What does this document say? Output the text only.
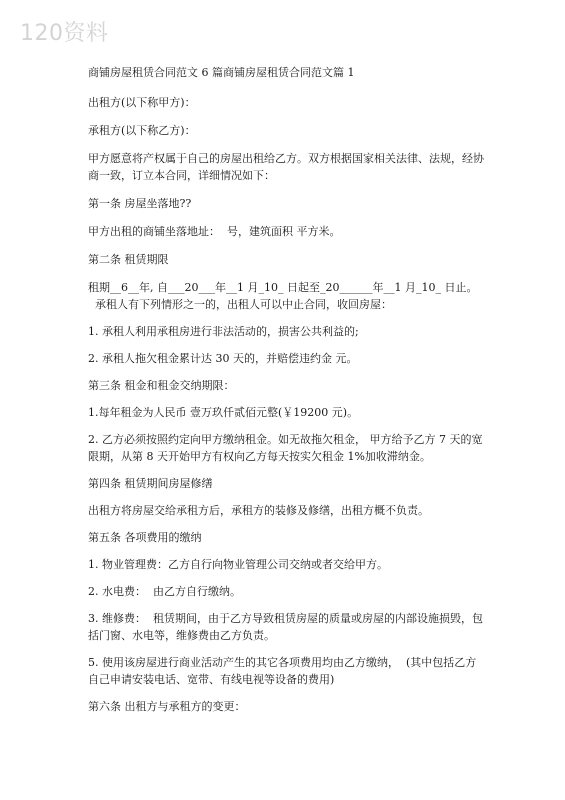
120资料

商铺房屋租赁合同范文 6 篇商铺房屋租赁合同范文篇 1

出租方(以下称甲方)：

承租方(以下称乙方)：

甲方愿意将产权属于自己的房屋出租给乙方。双方根据国家相关法律、法规，经协商一致，订立本合同，详细情况如下：

第一条 房屋坐落地??

甲方出租的商铺坐落地址：  号，建筑面积 平方米。

第二条 租赁期限

租期__6__年, 自___20___年__1 月_10_ 日起至_20______年__1 月_10_ 日止。
承租人有下列情形之一的，出租人可以中止合同，收回房屋：

1. 承租人利用承租房进行非法活动的，损害公共利益的;

2. 承租人拖欠租金累计达 30 天的，并赔偿违约金 元。

第三条 租金和租金交纳期限：

1.每年租金为人民币 壹万玖仟贰佰元整(￥19200 元)。

2. 乙方必须按照约定向甲方缴纳租金。如无故拖欠租金， 甲方给予乙方 7 天的宽限期，从第 8 天开始甲方有权向乙方每天按实欠租金 1%加收滞纳金。

第四条 租赁期间房屋修缮

出租方将房屋交给承租方后，承租方的装修及修缮，出租方概不负责。

第五条 各项费用的缴纳

1. 物业管理费：乙方自行向物业管理公司交纳或者交给甲方。

2. 水电费：  由乙方自行缴纳。

3. 维修费：  租赁期间，由于乙方导致租赁房屋的质量或房屋的内部设施损毁，包括门窗、水电等，维修费由乙方负责。

5. 使用该房屋进行商业活动产生的其它各项费用均由乙方缴纳，  (其中包括乙方自己申请安装电话、宽带、有线电视等设备的费用)

第六条 出租方与承租方的变更：
